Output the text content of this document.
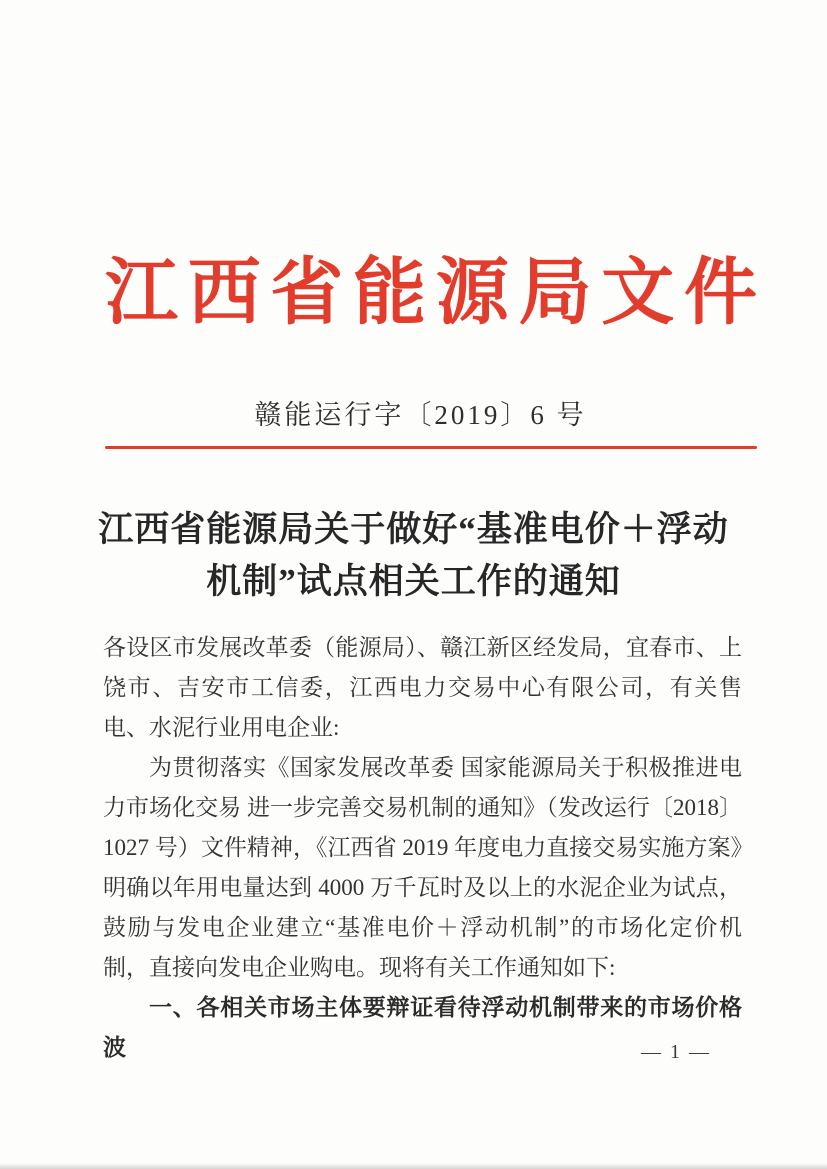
江西省能源局文件
赣能运行字〔2019〕6 号
江西省能源局关于做好“基准电价＋浮动
机制”试点相关工作的通知

各设区市发展改革委（能源局）、赣江新区经发局，宜春市、上饶市、吉安市工信委，江西电力交易中心有限公司，有关售电、水泥行业用电企业:

为贯彻落实《国家发展改革委 国家能源局关于积极推进电力市场化交易 进一步完善交易机制的通知》（发改运行〔2018〕1027 号）文件精神，《江西省 2019 年度电力直接交易实施方案》明确以年用电量达到 4000 万千瓦时及以上的水泥企业为试点，鼓励与发电企业建立“基准电价＋浮动机制”的市场化定价机制，直接向发电企业购电。现将有关工作通知如下:

一、各相关市场主体要辩证看待浮动机制带来的市场价格波	— 1 —
